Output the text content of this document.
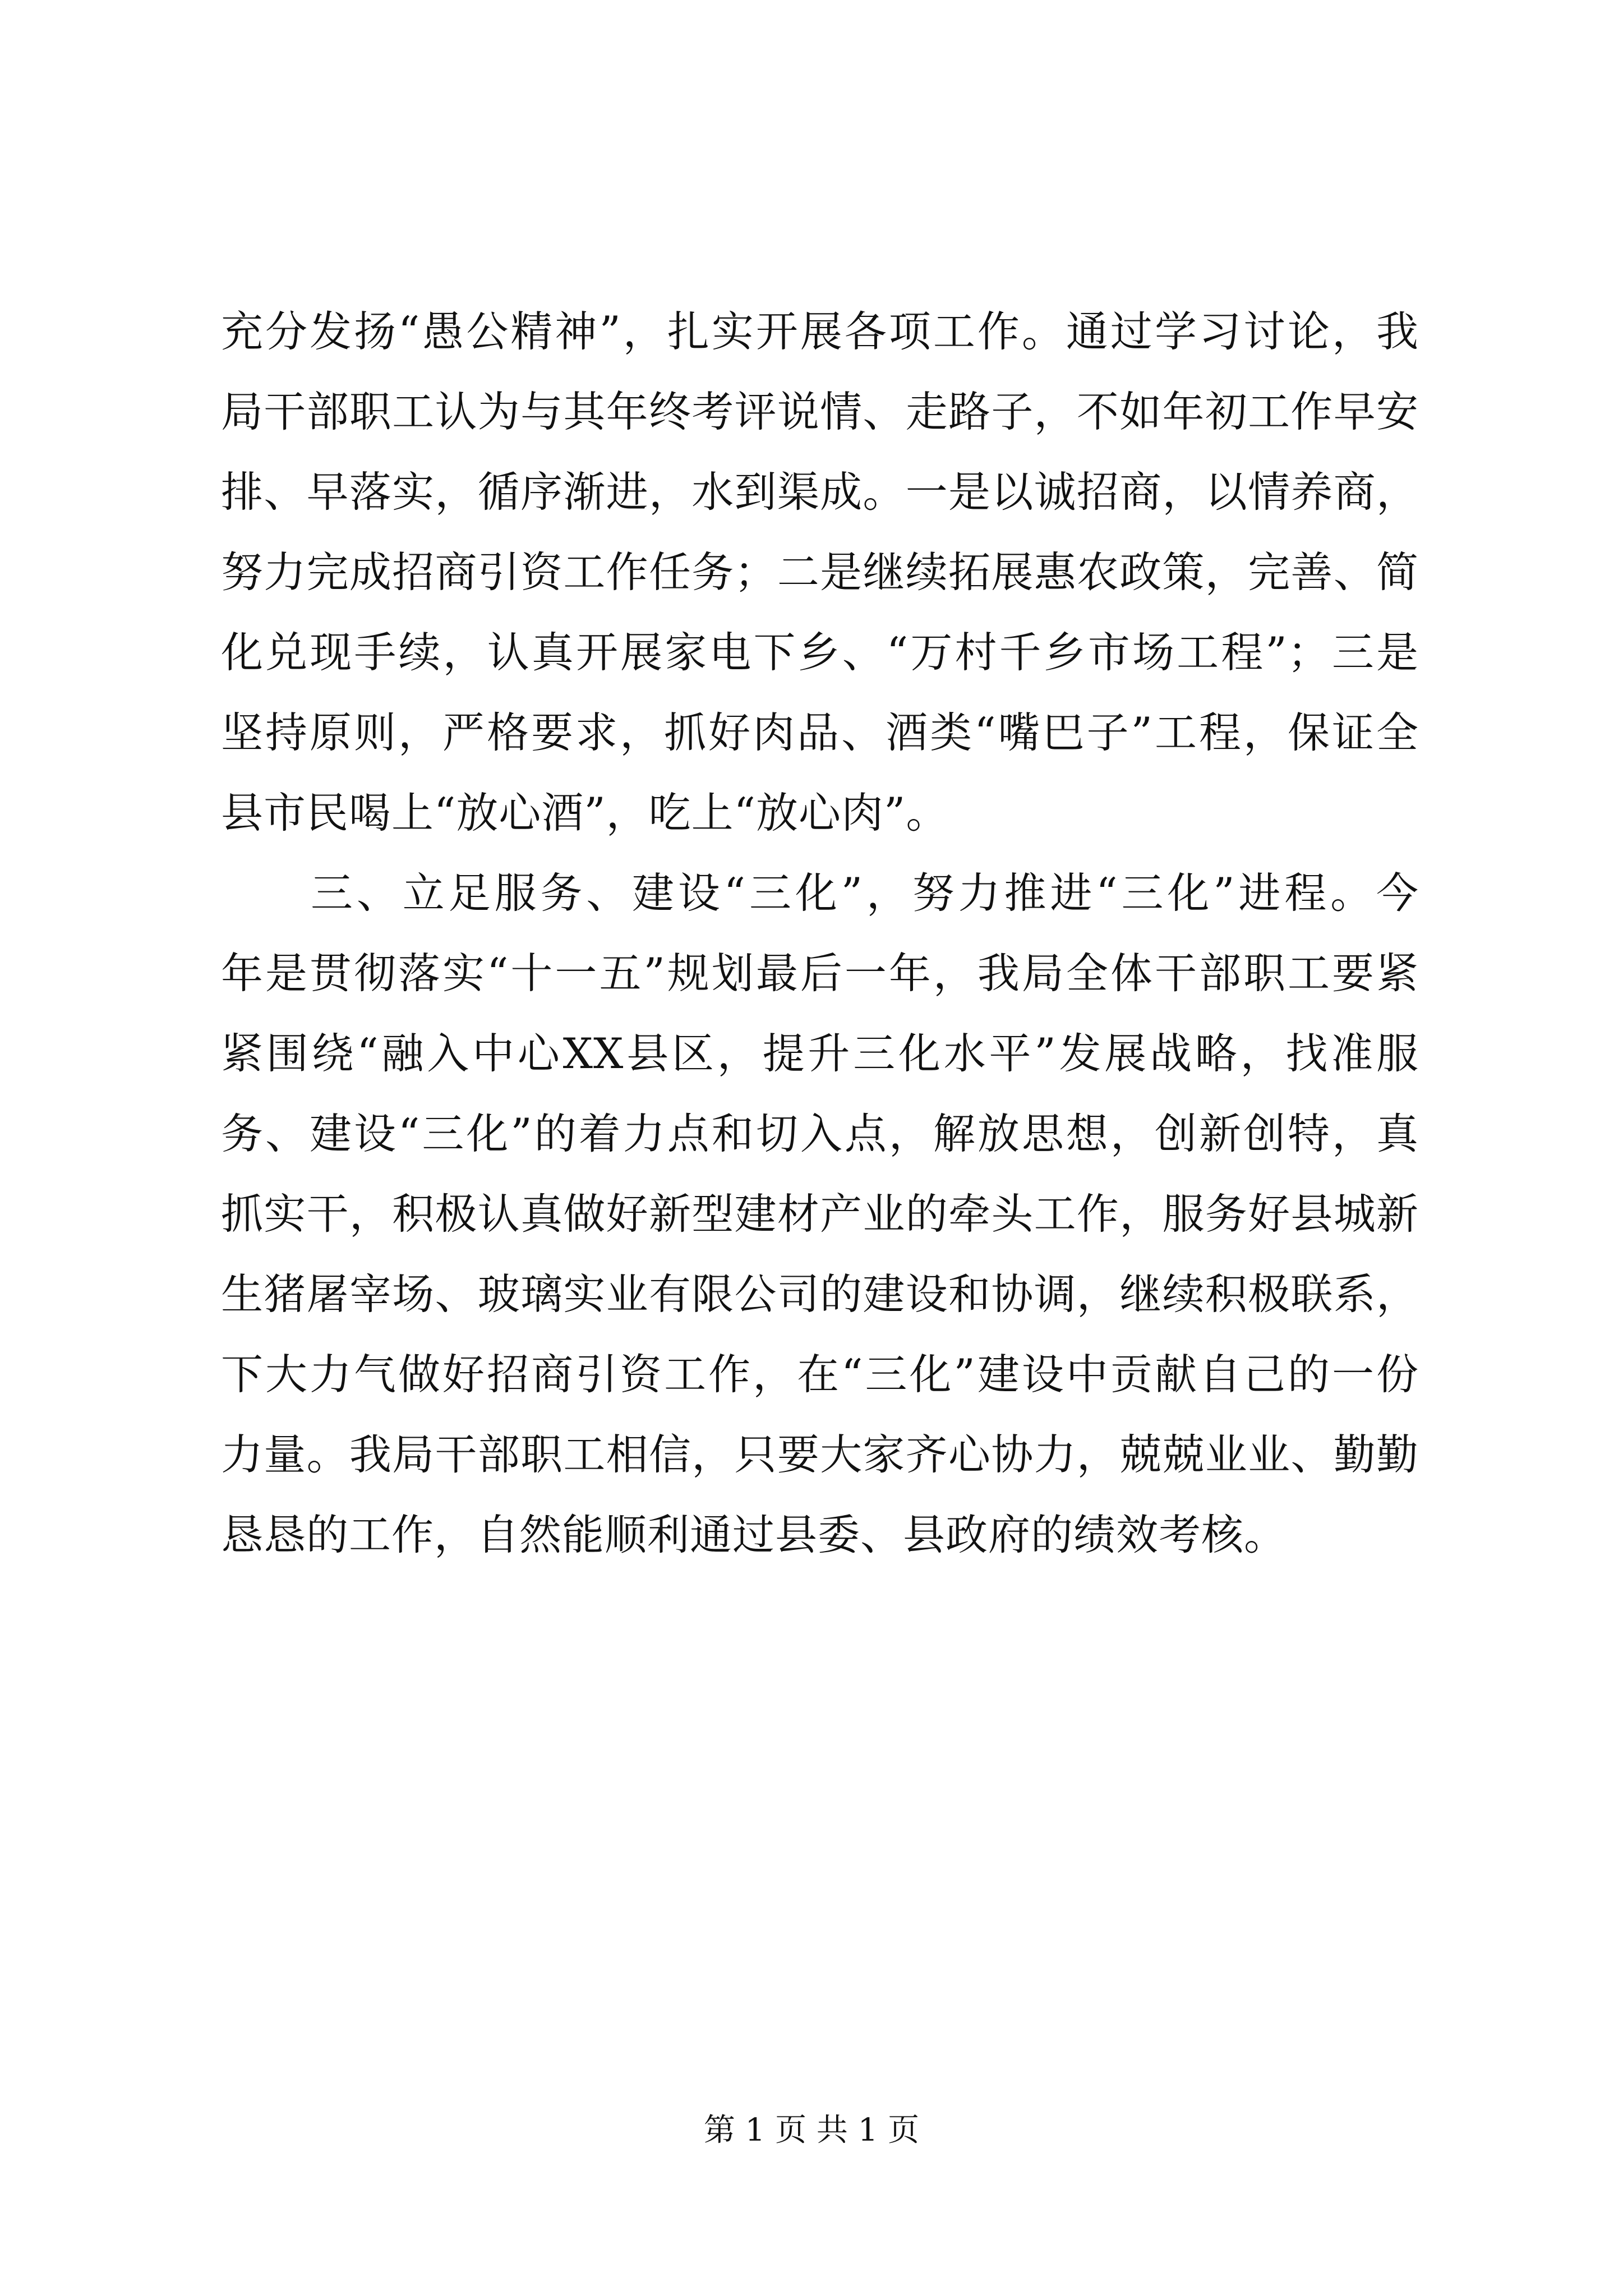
充分发扬“愚公精神”，扎实开展各项工作。通过学习讨论，我
局干部职工认为与其年终考评说情、走路子，不如年初工作早安
排、早落实，循序渐进，水到渠成。一是以诚招商，以情养商，
努力完成招商引资工作任务；二是继续拓展惠农政策，完善、简
化兑现手续，认真开展家电下乡、“万村千乡市场工程”；三是
坚持原则，严格要求，抓好肉品、酒类“嘴巴子”工程，保证全
县市民喝上“放心酒”，吃上“放心肉”。
三、立足服务、建设“三化”，努力推进“三化”进程。今
年是贯彻落实“十一五”规划最后一年，我局全体干部职工要紧
紧围绕“融入中心XX县区，提升三化水平”发展战略，找准服
务、建设“三化”的着力点和切入点，解放思想，创新创特，真
抓实干，积极认真做好新型建材产业的牵头工作，服务好县城新
生猪屠宰场、玻璃实业有限公司的建设和协调，继续积极联系，
下大力气做好招商引资工作，在“三化”建设中贡献自己的一份
力量。我局干部职工相信，只要大家齐心协力，兢兢业业、勤勤
恳恳的工作，自然能顺利通过县委、县政府的绩效考核。
第 1 页 共 1 页
